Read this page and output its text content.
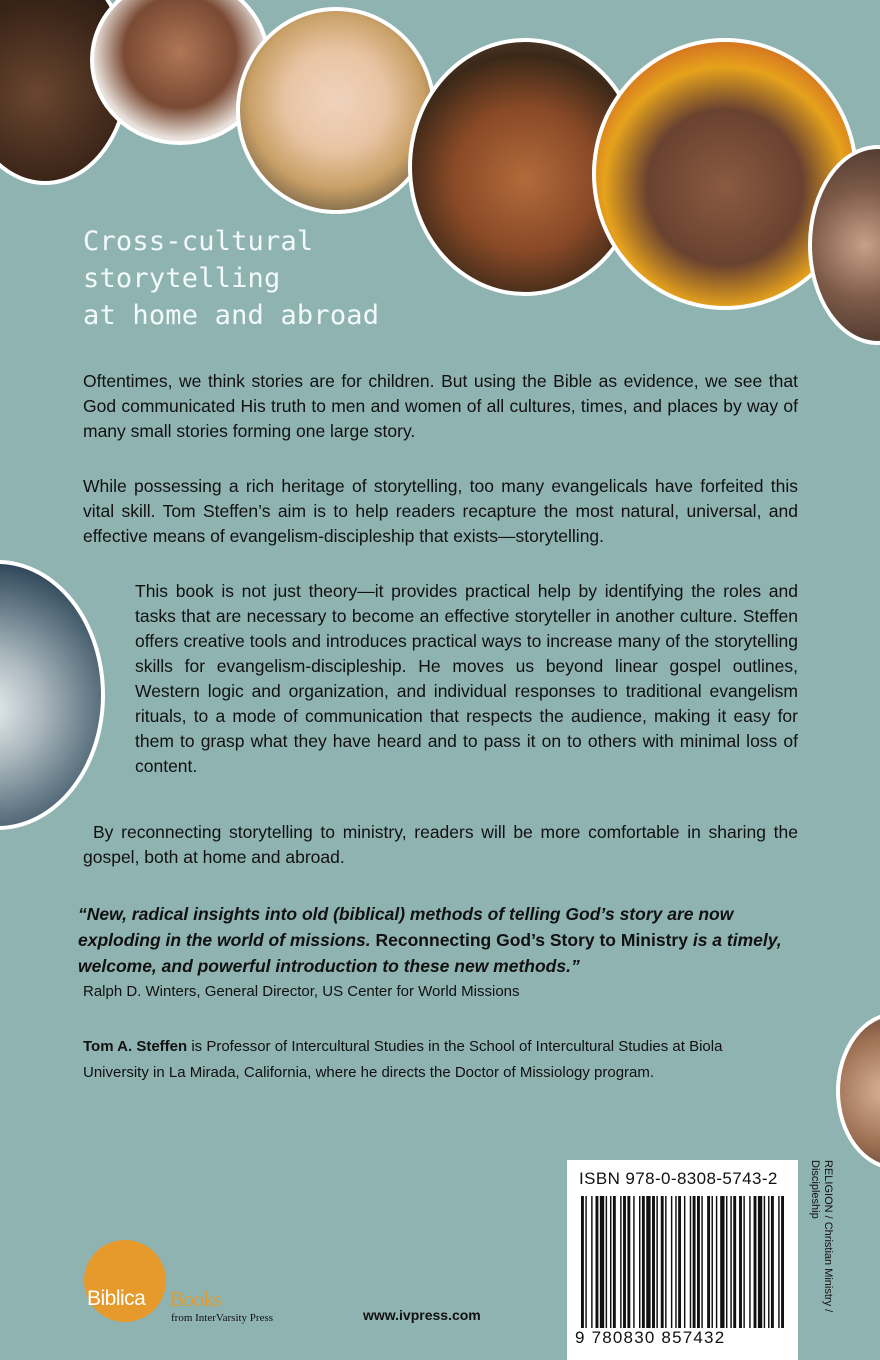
Cross-cultural
storytelling
at home and abroad

Oftentimes, we think stories are for children. But using the Bible as evidence, we see that God communicated His truth to men and women of all cultures, times, and places by way of many small stories forming one large story.

While possessing a rich heritage of storytelling, too many evangelicals have forfeited this vital skill. Tom Steffen’s aim is to help readers recapture the most natural, universal, and effective means of evangelism-discipleship that exists—storytelling.

This book is not just theory—it provides practical help by identifying the roles and tasks that are necessary to become an effective storyteller in another culture. Steffen offers creative tools and introduces practical ways to increase many of the storytelling skills for evangelism-discipleship. He moves us beyond linear gospel outlines, Western logic and organization, and individual responses to traditional evangelism rituals, to a mode of communication that respects the audience, making it easy for them to grasp what they have heard and to pass it on to others with minimal loss of content.

By reconnecting storytelling to ministry, readers will be more comfortable in sharing the gospel, both at home and abroad.

“New, radical insights into old (biblical) methods of telling God’s story are now exploding in the world of missions. Reconnecting God’s Story to Ministry is a timely, welcome, and powerful introduction to these new methods.”

Ralph D. Winters, General Director, US Center for World Missions

Tom A. Steffen is Professor of Intercultural Studies in the School of Intercultural Studies at Biola University in La Mirada, California, where he directs the Doctor of Missiology program.

Biblica Books
from InterVarsity Press	www.ivpress.com
ISBN 978-0-8308-5743-2
9 780830 857432
RELIGION / Christian Ministry / Discipleship
